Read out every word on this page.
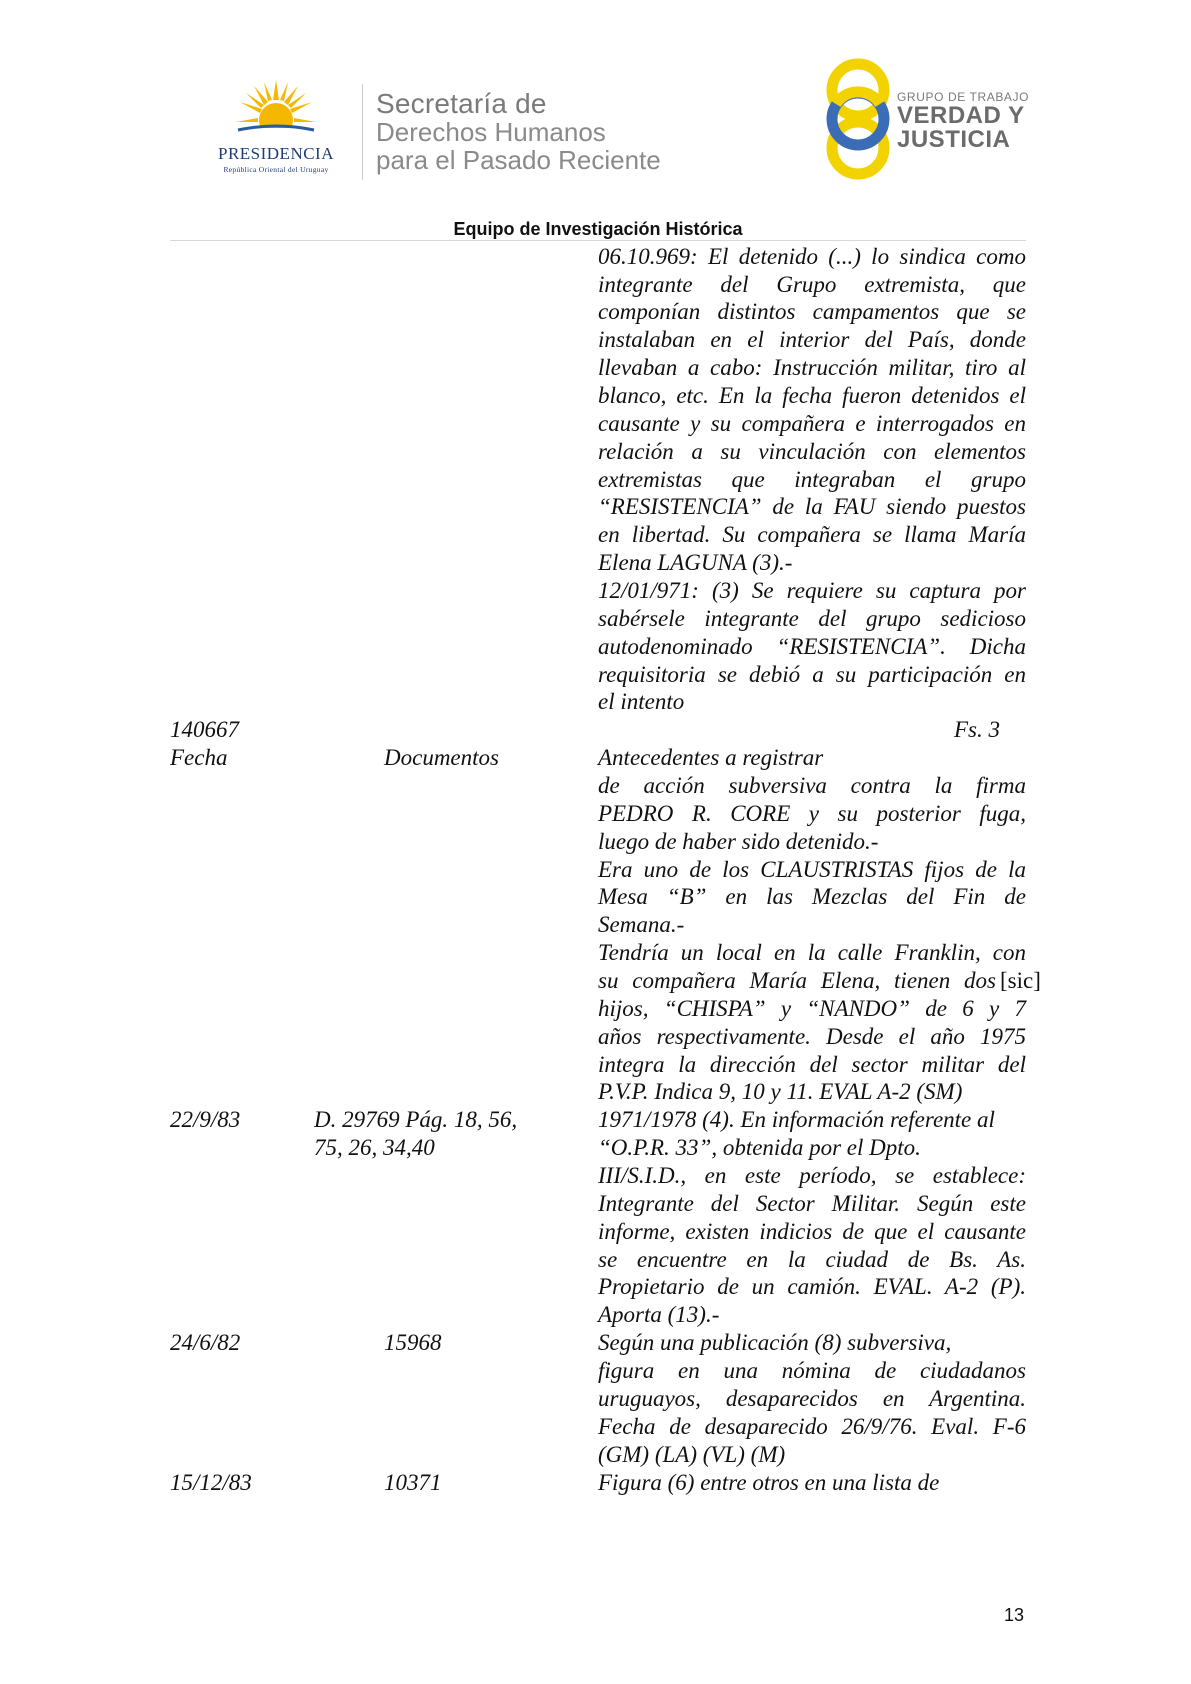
PRESIDENCIA
República Oriental del Uruguay
Secretaría de
Derechos Humanos
para el Pasado Reciente
GRUPO DE TRABAJO
VERDAD Y
JUSTICIA
Equipo de Investigación Histórica
06.10.969: El detenido (...) lo sindica como
integrante del Grupo extremista, que
componían distintos campamentos que se
instalaban en el interior del País, donde
llevaban a cabo: Instrucción militar, tiro al
blanco, etc. En la fecha fueron detenidos el
causante y su compañera e interrogados en
relación a su vinculación con elementos
extremistas que integraban el grupo
“RESISTENCIA” de la FAU siendo puestos
en libertad. Su compañera se llama María
Elena LAGUNA (3).-
12/01/971: (3) Se requiere su captura por
sabérsele integrante del grupo sedicioso
autodenominado “RESISTENCIA”. Dicha
requisitoria se debió a su participación en
el intento
140667	Fs. 3
Fecha	Documentos	Antecedentes a registrar
de acción subversiva contra la firma
PEDRO R. CORE y su posterior fuga,
luego de haber sido detenido.-
Era uno de los CLAUSTRISTAS fijos de la
Mesa “B” en las Mezclas del Fin de
Semana.-
Tendría un local en la calle Franklin, con
su compañera María Elena, tienen dos [sic]
hijos, “CHISPA” y “NANDO” de 6 y 7
años respectivamente. Desde el año 1975
integra la dirección del sector militar del
P.V.P. Indica 9, 10 y 11. EVAL A-2 (SM)
22/9/83	D. 29769 Pág. 18, 56,
75, 26, 34,40
1971/1978 (4). En información referente al
“O.P.R. 33”, obtenida por el Dpto.
III/S.I.D., en este período, se establece:
Integrante del Sector Militar. Según este
informe, existen indicios de que el causante
se encuentre en la ciudad de Bs. As.
Propietario de un camión. EVAL. A-2 (P).
Aporta (13).-
24/6/82	15968	Según una publicación (8) subversiva,
figura en una nómina de ciudadanos
uruguayos, desaparecidos en Argentina.
Fecha de desaparecido 26/9/76. Eval. F-6
(GM) (LA) (VL) (M)
15/12/83	10371	Figura (6) entre otros en una lista de
13
